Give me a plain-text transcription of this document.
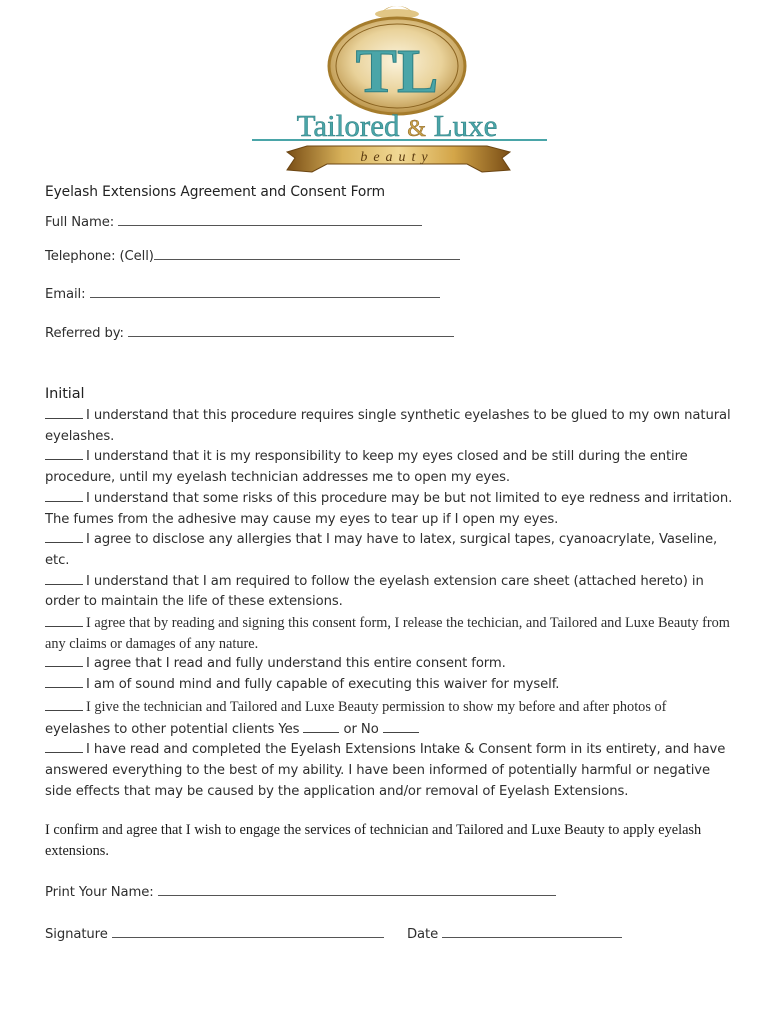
TL
Tailored & Luxe
beauty
Eyelash Extensions Agreement and Consent Form
Full Name:
Telephone: (Cell)
Email:
Referred by:
Initial

I understand that this procedure requires single synthetic eyelashes to be glued to my own natural eyelashes.

I understand that it is my responsibility to keep my eyes closed and be still during the entire procedure, until my eyelash technician addresses me to open my eyes.

I understand that some risks of this procedure may be but not limited to eye redness and irritation. The fumes from the adhesive may cause my eyes to tear up if I open my eyes.

I agree to disclose any allergies that I may have to latex, surgical tapes, cyanoacrylate, Vaseline, etc.

I understand that I am required to follow the eyelash extension care sheet (attached hereto) in order to maintain the life of these extensions.

I agree that by reading and signing this consent form, I release the techician, and Tailored and Luxe Beauty from any claims or damages of any nature.

I agree that I read and fully understand this entire consent form.

I am of sound mind and fully capable of executing this waiver for myself.

I give the technician and Tailored and Luxe Beauty permission to show my before and after photos of
eyelashes to other potential clients Yes	or No

I have read and completed the Eyelash Extensions Intake & Consent form in its entirety, and have answered everything to the best of my ability. I have been informed of potentially harmful or negative side effects that may be caused by the application and/or removal of Eyelash Extensions.

I confirm and agree that I wish to engage the services of technician and Tailored and Luxe Beauty to apply eyelash extensions.
Print Your Name:
Signature	Date
